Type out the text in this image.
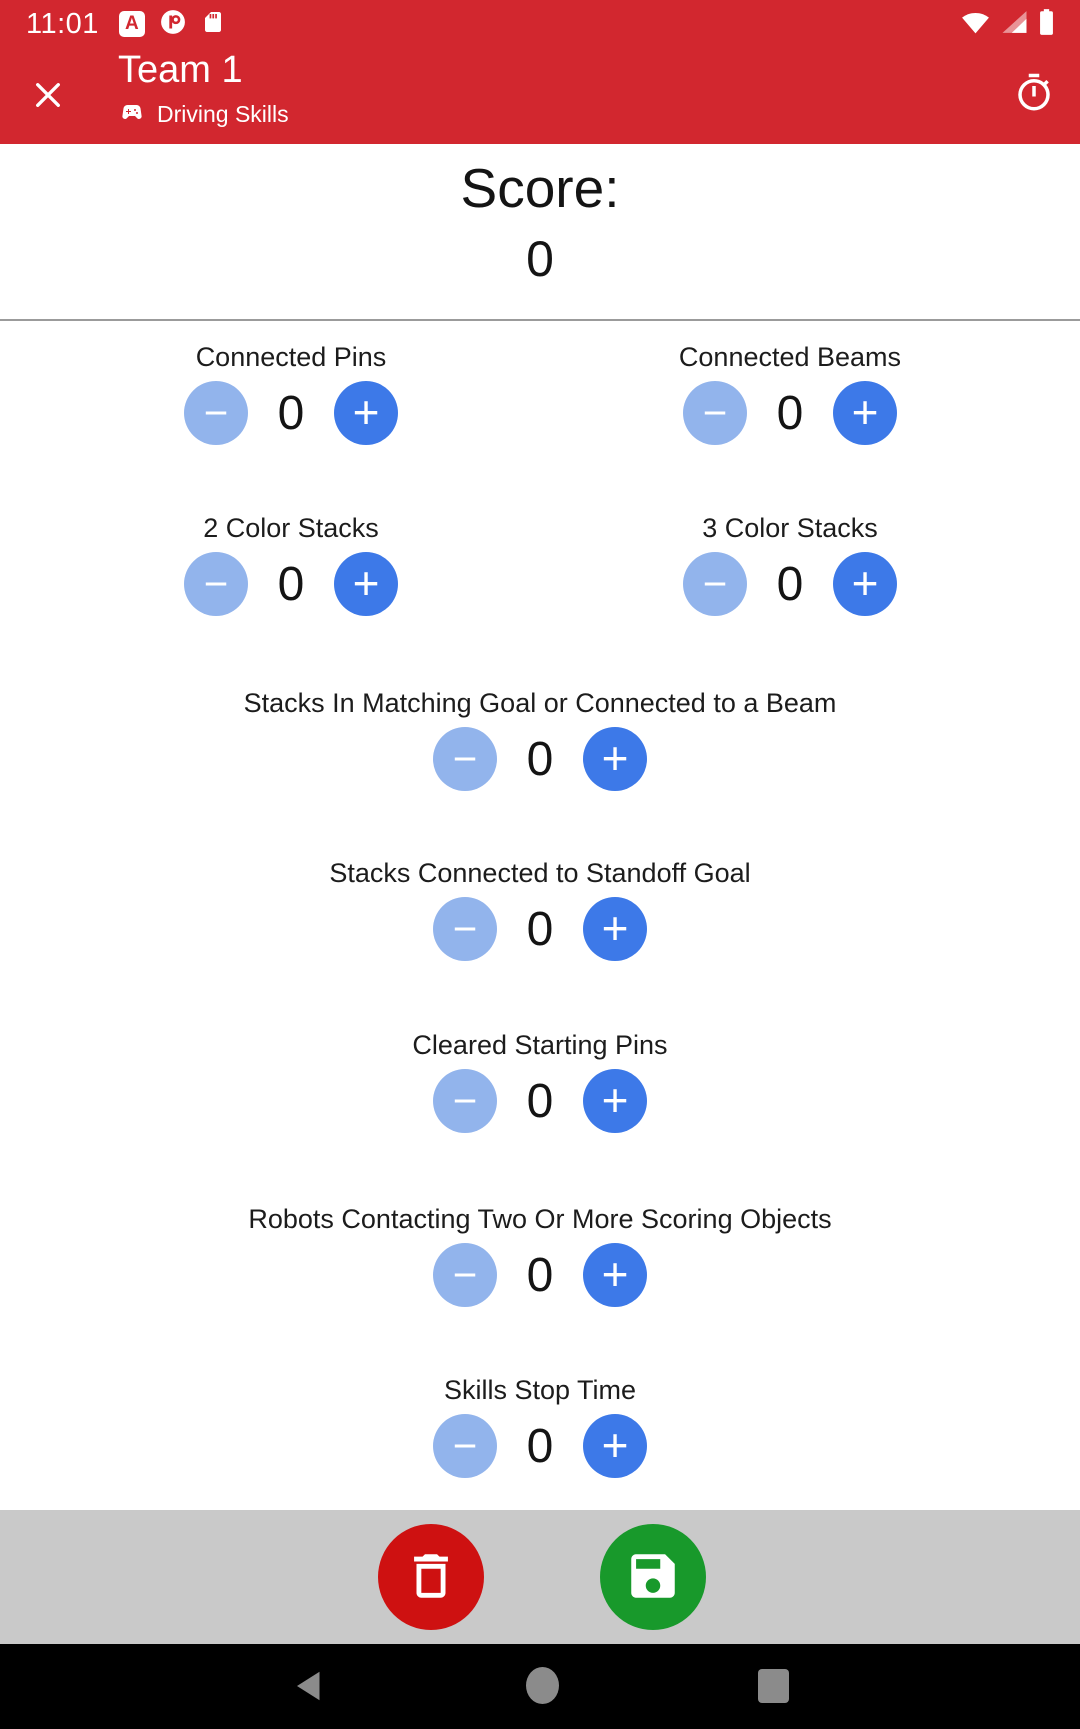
11:01	A
Team 1
Driving Skills
Score:
0
Connected Pins
−	0	+
Connected Beams
−	0	+
2 Color Stacks
−	0	+
3 Color Stacks
−	0	+
Stacks In Matching Goal or Connected to a Beam
−	0	+
Stacks Connected to Standoff Goal
−	0	+
Cleared Starting Pins
−	0	+
Robots Contacting Two Or More Scoring Objects
−	0	+
Skills Stop Time
−	0	+
